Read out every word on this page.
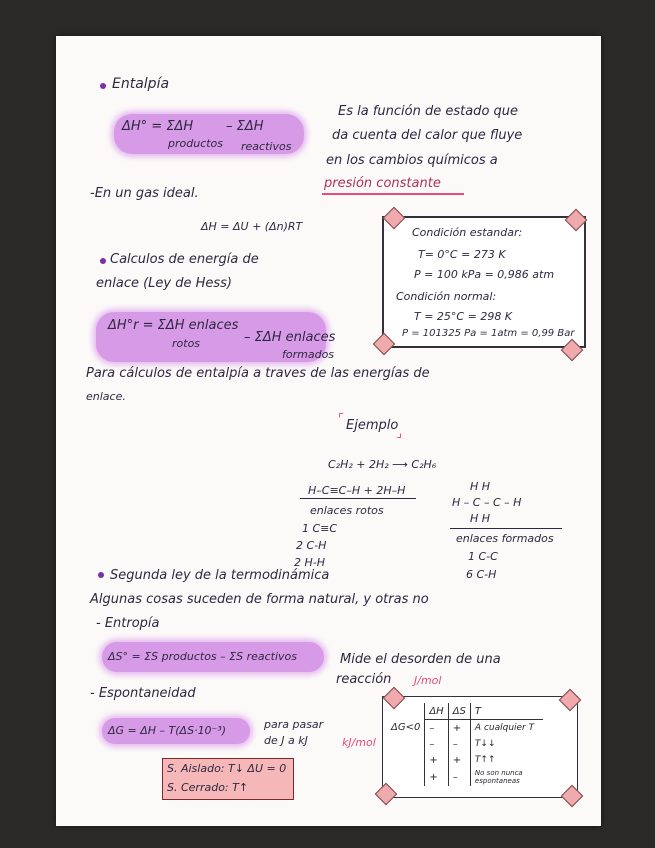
Entalpía
ΔH° = ΣΔH	– ΣΔH
productos reactivos
Es la función de estado que
da cuenta del calor que fluye
en los cambios químicos a
presión constante
-En un gas ideal.
ΔH = ΔU + (Δn)RT	Condición estandar:
T= 0°C = 273 K
P = 100 kPa = 0,986 atm
Condición normal:
T = 25°C = 298 K
P = 101325 Pa = 1atm = 0,99 Bar
Calculos de energía de
enlace (Ley de Hess)
ΔH°r = ΣΔH enlaces
rotos	– ΣΔH enlaces
formados
Para cálculos de entalpía a traves de las energías de
enlace.
⌜ Ejemplo
⌟
C₂H₂ + 2H₂ ⟶ C₂H₆
H–C≡C–H + 2H–H
enlaces rotos
1 C≡C
2 C-H
2 H-H
H H
H – C – C – H
H H
enlaces formados
1 C-C
6 C-H
Segunda ley de la termodinámica
Algunas cosas suceden de forma natural, y otras no
- Entropía
ΔS° = ΣS productos – ΣS reactivos	Mide el desorden de una
reacción J/mol
- Espontaneidad
ΔG = ΔH – T(ΔS·10⁻³)	para pasar
de J a kJ	kJ/mol
S. Aislado: T↓ ΔU = 0
S. Cerrado: T↑
	ΔH	ΔS	T
ΔG<0	–	+	A cualquier T
	–	–	T↓↓
	+	+	T↑↑
	+	–	No son nunca espontaneas
